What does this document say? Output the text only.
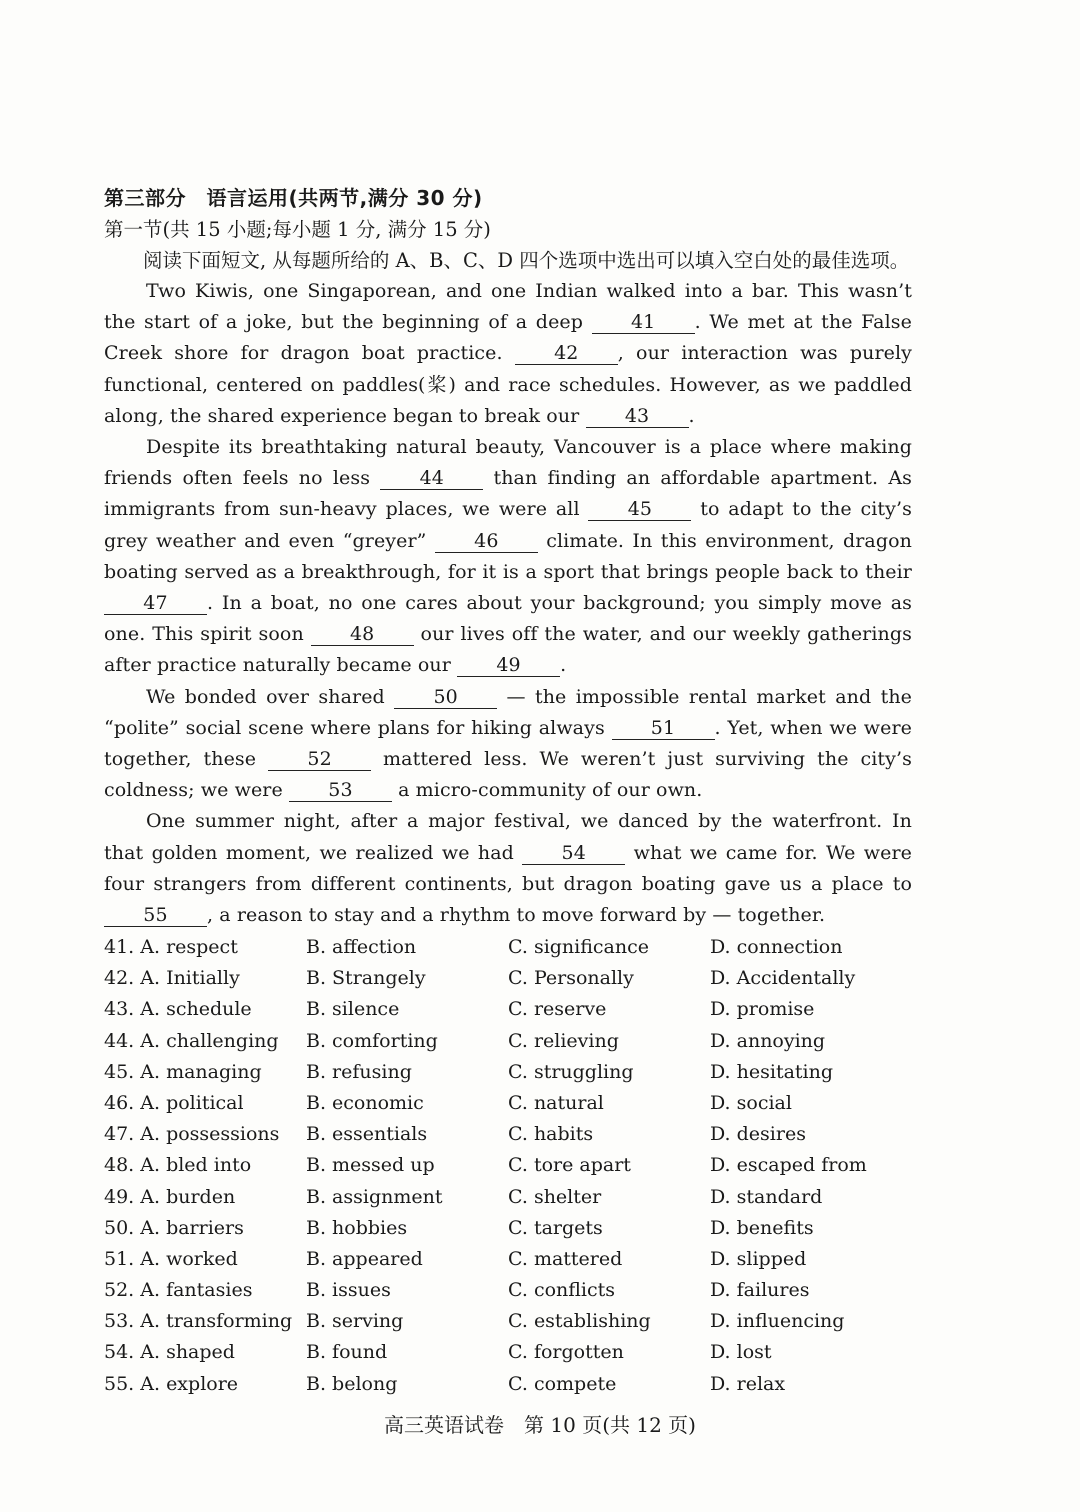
第三部分　语言运用(共两节,满分 30 分)

第一节(共 15 小题;每小题 1 分, 满分 15 分)

阅读下面短文, 从每题所给的 A、B、C、D 四个选项中选出可以填入空白处的最佳选项。

Two Kiwis, one Singaporean, and one Indian walked into a bar. This wasn’t the start of a joke, but the beginning of a deep 41 . We met at the False Creek shore for dragon boat practice. 42 , our interaction was purely functional, centered on paddles(桨) and race schedules. However, as we paddled along, the shared experience began to break our 43 .

Despite its breathtaking natural beauty, Vancouver is a place where making friends often feels no less 44 than finding an affordable apartment. As immigrants from sun-heavy places, we were all 45 to adapt to the city’s grey weather and even “greyer” 46 climate. In this environment, dragon boating served as a breakthrough, for it is a sport that brings people back to their 47 . In a boat, no one cares about your background; you simply move as one. This spirit soon 48 our lives off the water, and our weekly gatherings after practice naturally became our 49 .

We bonded over shared 50 — the impossible rental market and the “polite” social scene where plans for hiking always 51 . Yet, when we were together, these 52 mattered less. We weren’t just surviving the city’s coldness; we were 53 a micro-community of our own.

One summer night, after a major festival, we danced by the waterfront. In that golden moment, we realized we had 54 what we came for. We were four strangers from different continents, but dragon boating gave us a place to 55 , a reason to stay and a rhythm to move forward by — together.

41. A. respect	B. affection	C. significance	D. connection
42. A. Initially	B. Strangely	C. Personally	D. Accidentally
43. A. schedule	B. silence	C. reserve	D. promise
44. A. challenging	B. comforting	C. relieving	D. annoying
45. A. managing	B. refusing	C. struggling	D. hesitating
46. A. political	B. economic	C. natural	D. social
47. A. possessions	B. essentials	C. habits	D. desires
48. A. bled into	B. messed up	C. tore apart	D. escaped from
49. A. burden	B. assignment	C. shelter	D. standard
50. A. barriers	B. hobbies	C. targets	D. benefits
51. A. worked	B. appeared	C. mattered	D. slipped
52. A. fantasies	B. issues	C. conflicts	D. failures
53. A. transforming B. serving	C. establishing	D. influencing
54. A. shaped	B. found	C. forgotten	D. lost
55. A. explore	B. belong	C. compete	D. relax
高三英语试卷　第 10 页(共 12 页)
